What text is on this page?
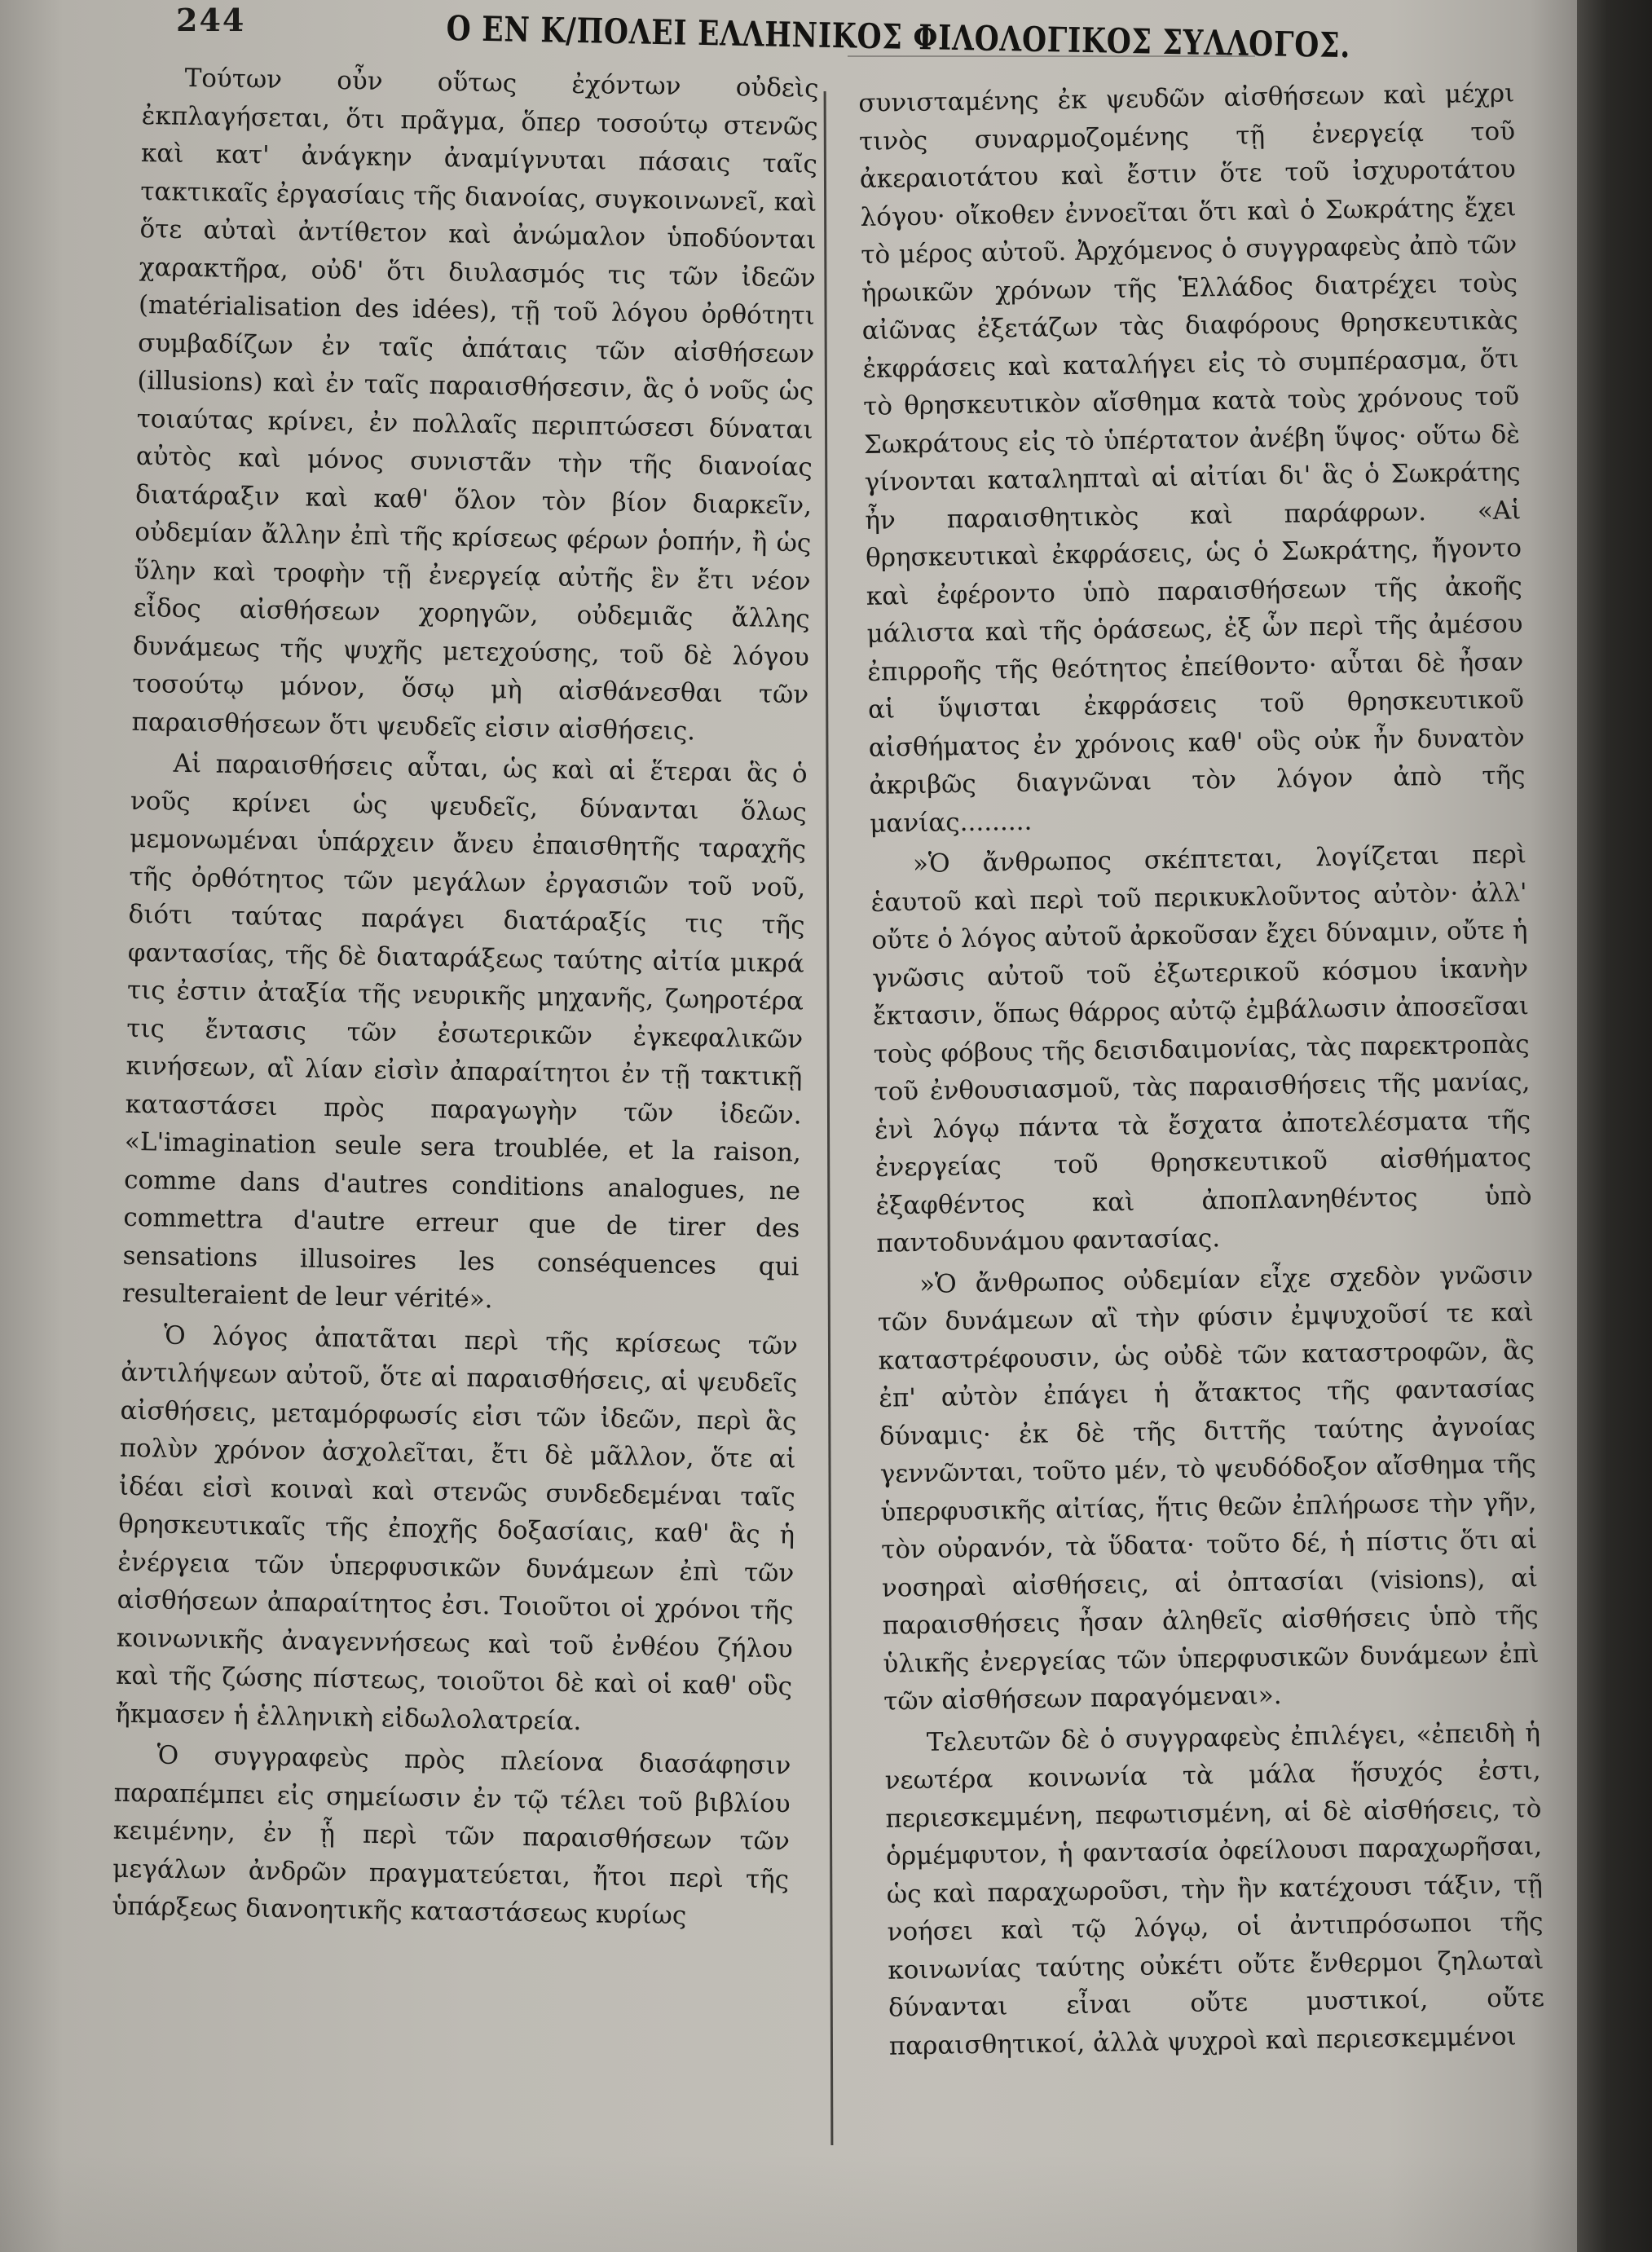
244	Ο ΕΝ Κ/ΠΟΛΕΙ ΕΛΛΗΝΙΚΟΣ ΦΙΛΟΛΟΓΙΚΟΣ ΣΥΛΛΟΓΟΣ.

Τούτων οὖν οὕτως ἐχόντων οὐδεὶς ἐκπλαγήσεται, ὅτι πρᾶγμα, ὅπερ τοσούτῳ στενῶς καὶ κατ' ἀνάγκην ἀναμίγνυται πάσαις ταῖς τακτικαῖς ἐργασίαις τῆς διανοίας, συγκοινωνεῖ, καὶ ὅτε αὐταὶ ἀντίθετον καὶ ἀνώμαλον ὑποδύονται χαρακτῆρα, οὐδ' ὅτι διυλασμός τις τῶν ἰδεῶν (matérialisation des idées), τῇ τοῦ λόγου ὀρθότητι συμβαδίζων ἐν ταῖς ἀπάταις τῶν αἰσθήσεων (illusions) καὶ ἐν ταῖς παραισθήσεσιν, ἃς ὁ νοῦς ὡς τοιαύτας κρίνει, ἐν πολλαῖς περιπτώσεσι δύναται αὐτὸς καὶ μόνος συνιστᾶν τὴν τῆς διανοίας διατάραξιν καὶ καθ' ὅλον τὸν βίον διαρκεῖν, οὐδεμίαν ἄλλην ἐπὶ τῆς κρίσεως φέρων ῥοπήν, ἢ ὡς ὕλην καὶ τροφὴν τῇ ἐνεργείᾳ αὐτῆς ἓν ἔτι νέον εἶδος αἰσθήσεων χορηγῶν, οὐδεμιᾶς ἄλλης δυνάμεως τῆς ψυχῆς μετεχούσης, τοῦ δὲ λόγου τοσούτῳ μόνον, ὅσῳ μὴ αἰσθάνεσθαι τῶν παραισθήσεων ὅτι ψευδεῖς εἰσιν αἰσθήσεις.

Αἱ παραισθήσεις αὗται, ὡς καὶ αἱ ἕτεραι ἃς ὁ νοῦς κρίνει ὡς ψευδεῖς, δύνανται ὅλως μεμονωμέναι ὑπάρχειν ἄνευ ἐπαισθητῆς ταραχῆς τῆς ὀρθότητος τῶν μεγάλων ἐργασιῶν τοῦ νοῦ, διότι ταύτας παράγει διατάραξίς τις τῆς φαντασίας, τῆς δὲ διαταράξεως ταύτης αἰτία μικρά τις ἐστιν ἀταξία τῆς νευρικῆς μηχανῆς, ζωηροτέρα τις ἔντασις τῶν ἐσωτερικῶν ἐγκεφαλικῶν κινήσεων, αἳ λίαν εἰσὶν ἀπαραίτητοι ἐν τῇ τακτικῇ καταστάσει πρὸς παραγωγὴν τῶν ἰδεῶν. «L'imagination seule sera troublée, et la raison, comme dans d'autres conditions analogues, ne commettra d'autre erreur que de tirer des sensations illusoires les conséquences qui resulteraient de leur vérité».

Ὁ λόγος ἀπατᾶται περὶ τῆς κρίσεως τῶν ἀντιλήψεων αὐτοῦ, ὅτε αἱ παραισθήσεις, αἱ ψευδεῖς αἰσθήσεις, μεταμόρφωσίς εἰσι τῶν ἰδεῶν, περὶ ἃς πολὺν χρόνον ἀσχολεῖται, ἔτι δὲ μᾶλλον, ὅτε αἱ ἰδέαι εἰσὶ κοιναὶ καὶ στενῶς συνδεδεμέναι ταῖς θρησκευτικαῖς τῆς ἐποχῆς δοξασίαις, καθ' ἃς ἡ ἐνέργεια τῶν ὑπερφυσικῶν δυνάμεων ἐπὶ τῶν αἰσθήσεων ἀπαραίτητος ἐσι. Τοιοῦτοι οἱ χρόνοι τῆς κοινωνικῆς ἀναγεννήσεως καὶ τοῦ ἐνθέου ζήλου καὶ τῆς ζώσης πίστεως, τοιοῦτοι δὲ καὶ οἱ καθ' οὓς ἤκμασεν ἡ ἑλληνικὴ εἰδωλολατρεία.

Ὁ συγγραφεὺς πρὸς πλείονα διασάφησιν παραπέμπει εἰς σημείωσιν ἐν τῷ τέλει τοῦ βιβλίου κειμένην, ἐν ᾗ περὶ τῶν παραισθήσεων τῶν μεγάλων ἀνδρῶν πραγματεύεται, ἤτοι περὶ τῆς ὑπάρξεως διανοητικῆς καταστάσεως κυρίως

συνισταμένης ἐκ ψευδῶν αἰσθήσεων καὶ μέχρι τινὸς συναρμοζομένης τῇ ἐνεργείᾳ τοῦ ἀκεραιοτάτου καὶ ἔστιν ὅτε τοῦ ἰσχυροτάτου λόγου· οἴκοθεν ἐννοεῖται ὅτι καὶ ὁ Σωκράτης ἔχει τὸ μέρος αὐτοῦ. Ἀρχόμενος ὁ συγγραφεὺς ἀπὸ τῶν ἡρωικῶν χρόνων τῆς Ἑλλάδος διατρέχει τοὺς αἰῶνας ἐξετάζων τὰς διαφόρους θρησκευτικὰς ἐκφράσεις καὶ καταλήγει εἰς τὸ συμπέρασμα, ὅτι τὸ θρησκευτικὸν αἴσθημα κατὰ τοὺς χρόνους τοῦ Σωκράτους εἰς τὸ ὑπέρτατον ἀνέβη ὕψος· οὕτω δὲ γίνονται καταληπταὶ αἱ αἰτίαι δι' ἃς ὁ Σωκράτης ἦν παραισθητικὸς καὶ παράφρων. «Αἱ θρησκευτικαὶ ἐκφράσεις, ὡς ὁ Σωκράτης, ἤγοντο καὶ ἐφέροντο ὑπὸ παραισθήσεων τῆς ἀκοῆς μάλιστα καὶ τῆς ὁράσεως, ἐξ ὧν περὶ τῆς ἀμέσου ἐπιρροῆς τῆς θεότητος ἐπείθοντο· αὗται δὲ ἦσαν αἱ ὕψισται ἐκφράσεις τοῦ θρησκευτικοῦ αἰσθήματος ἐν χρόνοις καθ' οὓς οὐκ ἦν δυνατὸν ἀκριβῶς διαγνῶναι τὸν λόγον ἀπὸ τῆς μανίας.........

»Ὁ ἄνθρωπος σκέπτεται, λογίζεται περὶ ἑαυτοῦ καὶ περὶ τοῦ περικυκλοῦντος αὐτὸν· ἀλλ' οὔτε ὁ λόγος αὐτοῦ ἀρκοῦσαν ἔχει δύναμιν, οὔτε ἡ γνῶσις αὐτοῦ τοῦ ἐξωτερικοῦ κόσμου ἱκανὴν ἔκτασιν, ὅπως θάρρος αὐτῷ ἐμβάλωσιν ἀποσεῖσαι τοὺς φόβους τῆς δεισιδαιμονίας, τὰς παρεκτροπὰς τοῦ ἐνθουσιασμοῦ, τὰς παραισθήσεις τῆς μανίας, ἑνὶ λόγῳ πάντα τὰ ἔσχατα ἀποτελέσματα τῆς ἐνεργείας τοῦ θρησκευτικοῦ αἰσθήματος ἐξαφθέντος καὶ ἀποπλανηθέντος ὑπὸ παντοδυνάμου φαντασίας.

»Ὁ ἄνθρωπος οὐδεμίαν εἶχε σχεδὸν γνῶσιν τῶν δυνάμεων αἳ τὴν φύσιν ἐμψυχοῦσί τε καὶ καταστρέφουσιν, ὡς οὐδὲ τῶν καταστροφῶν, ἃς ἐπ' αὐτὸν ἐπάγει ἡ ἄτακτος τῆς φαντασίας δύναμις· ἐκ δὲ τῆς διττῆς ταύτης ἀγνοίας γεννῶνται, τοῦτο μέν, τὸ ψευδόδοξον αἴσθημα τῆς ὑπερφυσικῆς αἰτίας, ἥτις θεῶν ἐπλήρωσε τὴν γῆν, τὸν οὐρανόν, τὰ ὕδατα· τοῦτο δέ, ἡ πίστις ὅτι αἱ νοσηραὶ αἰσθήσεις, αἱ ὀπτασίαι (visions), αἱ παραισθήσεις ἦσαν ἀληθεῖς αἰσθήσεις ὑπὸ τῆς ὑλικῆς ἐνεργείας τῶν ὑπερφυσικῶν δυνάμεων ἐπὶ τῶν αἰσθήσεων παραγόμεναι».

Τελευτῶν δὲ ὁ συγγραφεὺς ἐπιλέγει, «ἐπειδὴ ἡ νεωτέρα κοινωνία τὰ μάλα ἥσυχός ἐστι, περιεσκεμμένη, πεφωτισμένη, αἱ δὲ αἰσθήσεις, τὸ ὁρμέμφυτον, ἡ φαντασία ὀφείλουσι παραχωρῆσαι, ὡς καὶ παραχωροῦσι, τὴν ἣν κατέχουσι τάξιν, τῇ νοήσει καὶ τῷ λόγῳ, οἱ ἀντιπρόσωποι τῆς κοινωνίας ταύτης οὐκέτι οὔτε ἔνθερμοι ζηλωταὶ δύνανται εἶναι οὔτε μυστικοί, οὔτε παραισθητικοί, ἀλλὰ ψυχροὶ καὶ περιεσκεμμένοι
